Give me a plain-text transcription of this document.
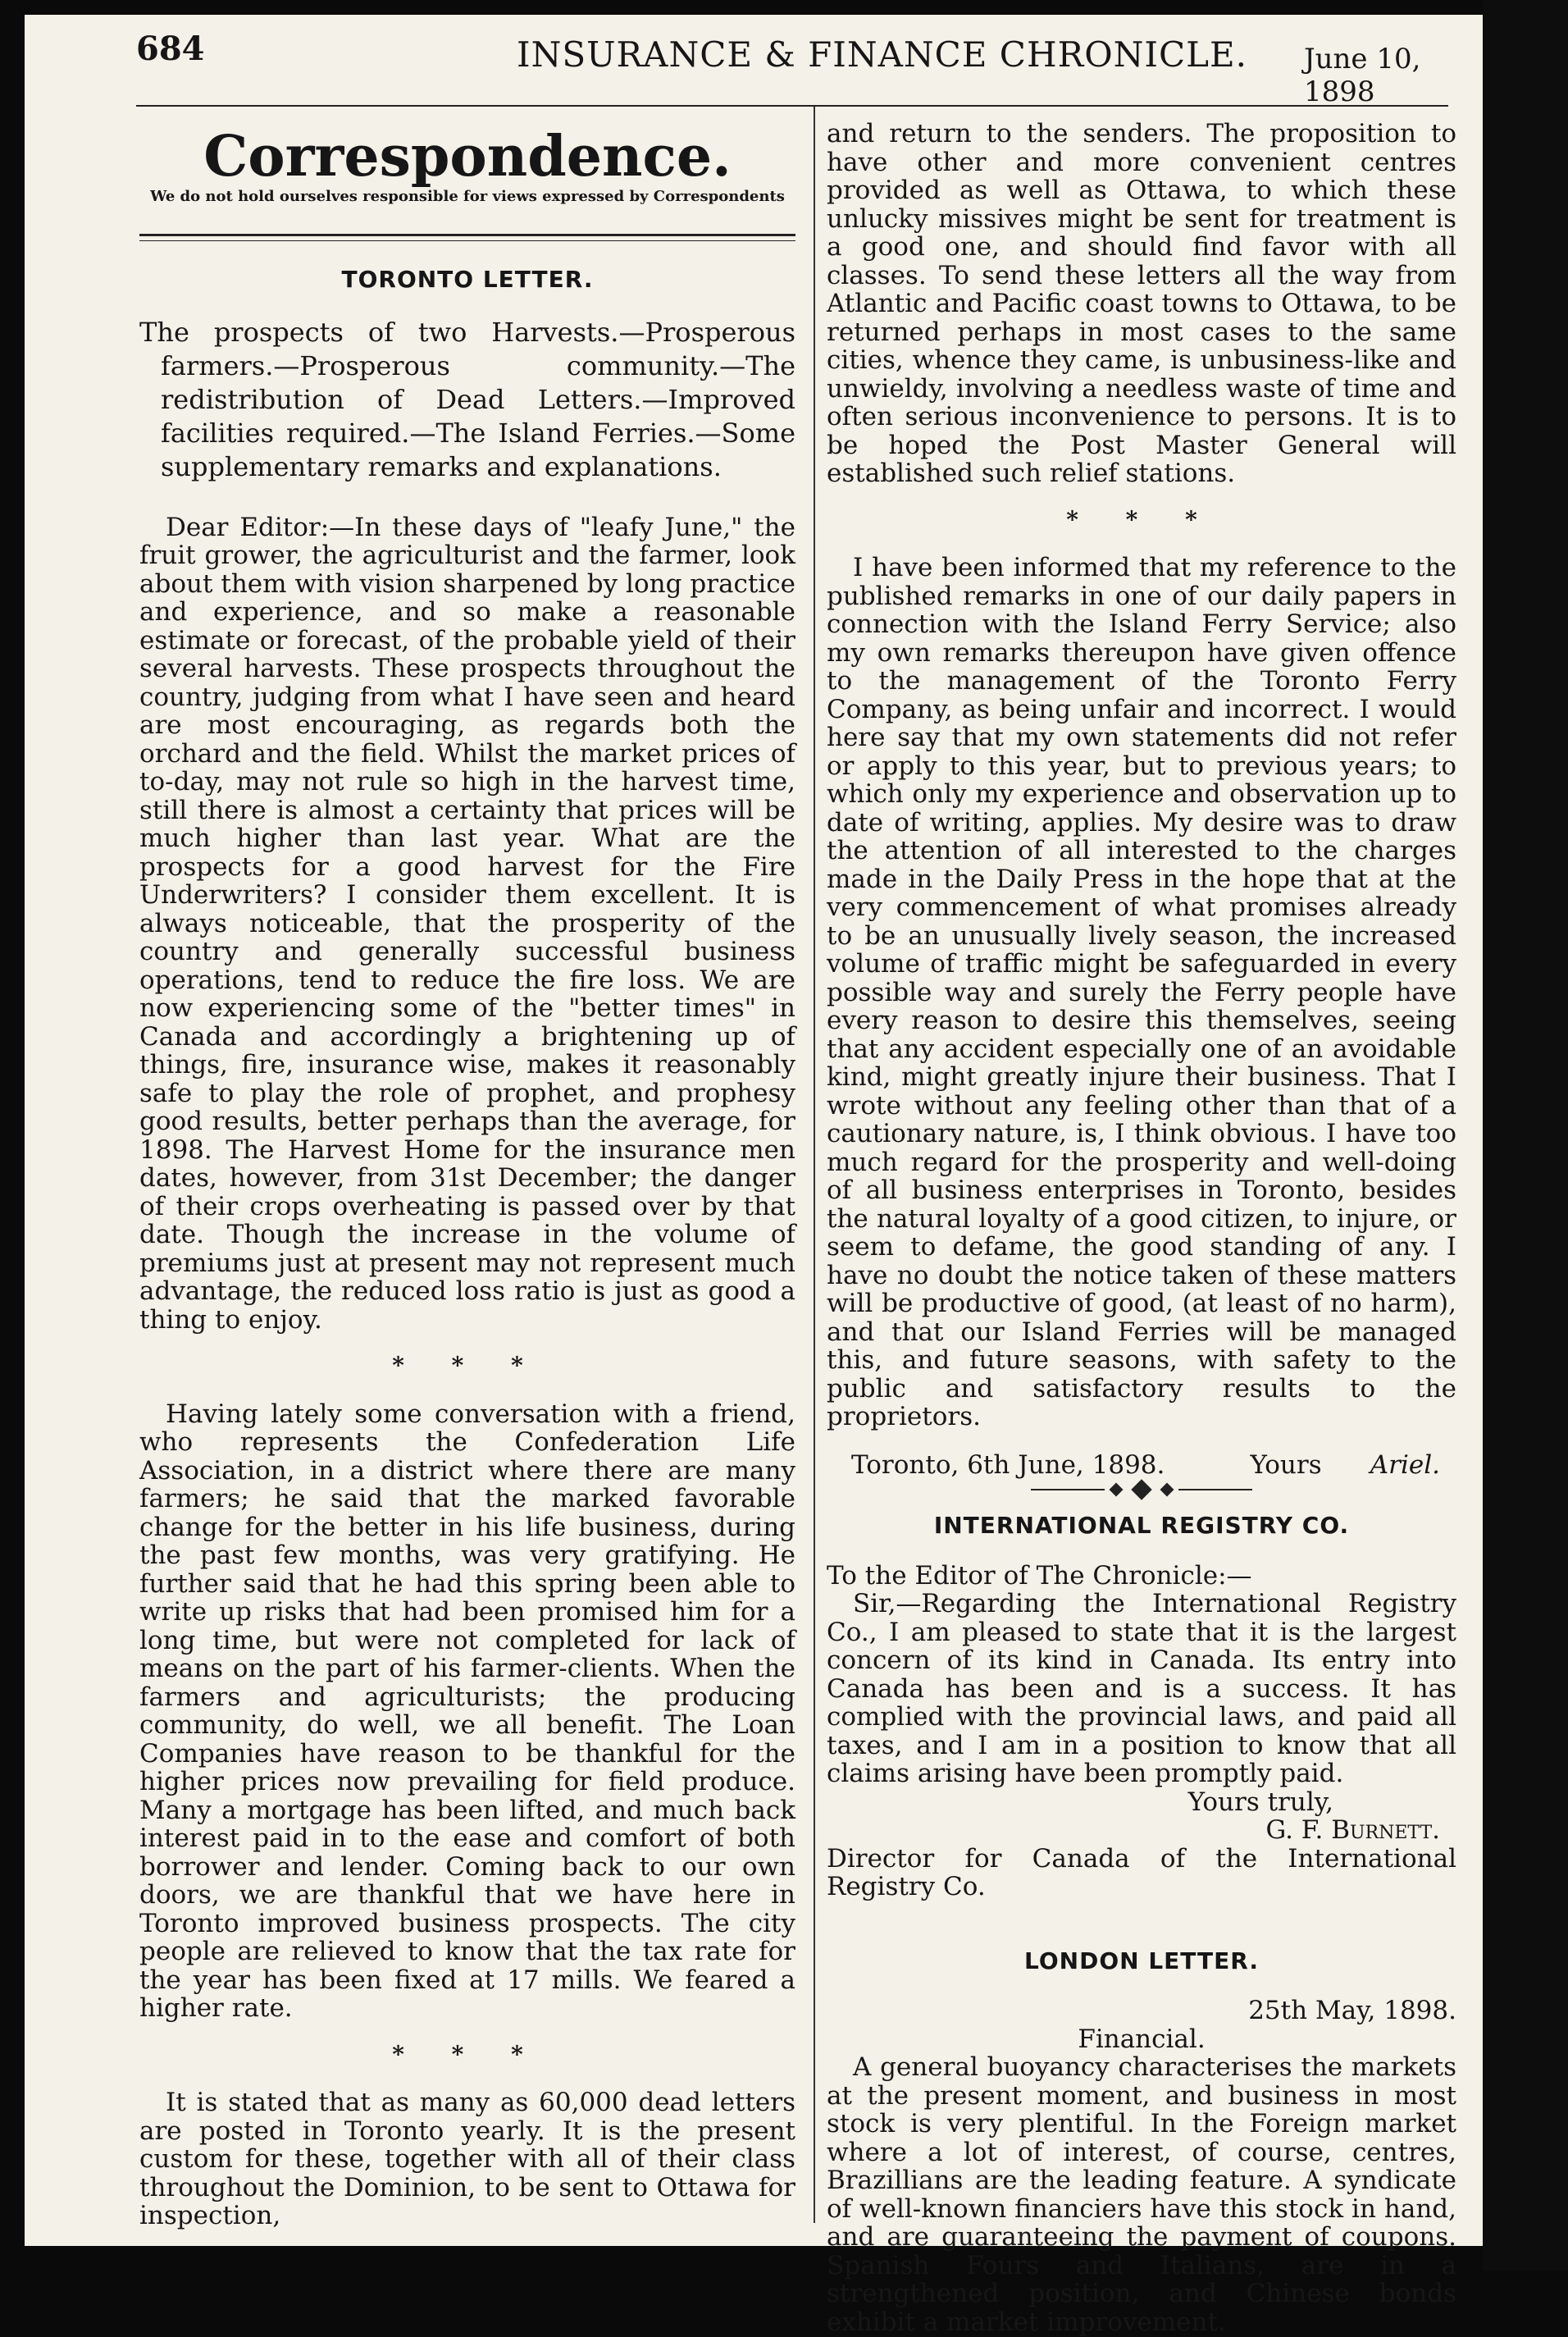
684	INSURANCE & FINANCE CHRONICLE. June 10, 1898
Correspondence.
We do not hold ourselves responsible for views expressed by Correspondents
TORONTO LETTER.
The prospects of two Harvests.—Prosperous farmers.—Prosperous community.—The redistribution of Dead Letters.—Improved facilities required.—The Island Ferries.—Some supplementary remarks and explanations.

Dear Editor:—In these days of "leafy June," the fruit grower, the agriculturist and the farmer, look about them with vision sharpened by long practice and experience, and so make a reasonable estimate or forecast, of the probable yield of their several harvests. These prospects throughout the country, judging from what I have seen and heard are most encouraging, as regards both the orchard and the field. Whilst the market prices of to-day, may not rule so high in the harvest time, still there is almost a certainty that prices will be much higher than last year. What are the prospects for a good harvest for the Fire Underwriters? I consider them excellent. It is always noticeable, that the prosperity of the country and generally successful business operations, tend to reduce the fire loss. We are now experiencing some of the "better times" in Canada and accordingly a brightening up of things, fire, insurance wise, makes it reasonably safe to play the role of prophet, and prophesy good results, better perhaps than the average, for 1898. The Harvest Home for the insurance men dates, however, from 31st December; the danger of their crops overheating is passed over by that date. Though the increase in the volume of premiums just at present may not represent much advantage, the reduced loss ratio is just as good a thing to enjoy.

* * *

Having lately some conversation with a friend, who represents the Confederation Life Association, in a district where there are many farmers; he said that the marked favorable change for the better in his life business, during the past few months, was very gratifying. He further said that he had this spring been able to write up risks that had been promised him for a long time, but were not completed for lack of means on the part of his farmer-clients. When the farmers and agriculturists; the producing community, do well, we all benefit. The Loan Companies have reason to be thankful for the higher prices now prevailing for field produce. Many a mortgage has been lifted, and much back interest paid in to the ease and comfort of both borrower and lender. Coming back to our own doors, we are thankful that we have here in Toronto improved business prospects. The city people are relieved to know that the tax rate for the year has been fixed at 17 mills. We feared a higher rate.

* * *

It is stated that as many as 60,000 dead letters are posted in Toronto yearly. It is the present custom for these, together with all of their class throughout the Dominion, to be sent to Ottawa for inspection,

and return to the senders. The proposition to have other and more convenient centres provided as well as Ottawa, to which these unlucky missives might be sent for treatment is a good one, and should find favor with all classes. To send these letters all the way from Atlantic and Pacific coast towns to Ottawa, to be returned perhaps in most cases to the same cities, whence they came, is unbusiness-like and unwieldy, involving a needless waste of time and often serious inconvenience to persons. It is to be hoped the Post Master General will established such relief stations.

* * *

I have been informed that my reference to the published remarks in one of our daily papers in connection with the Island Ferry Service; also my own remarks thereupon have given offence to the management of the Toronto Ferry Company, as being unfair and incorrect. I would here say that my own statements did not refer or apply to this year, but to previous years; to which only my experience and observation up to date of writing, applies. My desire was to draw the attention of all interested to the charges made in the Daily Press in the hope that at the very commencement of what promises already to be an unusually lively season, the increased volume of traffic might be safeguarded in every possible way and surely the Ferry people have every reason to desire this themselves, seeing that any accident especially one of an avoidable kind, might greatly injure their business. That I wrote without any feeling other than that of a cautionary nature, is, I think obvious. I have too much regard for the prosperity and well-doing of all business enterprises in Toronto, besides the natural loyalty of a good citizen, to injure, or seem to defame, the good standing of any. I have no doubt the notice taken of these matters will be productive of good, (at least of no harm), and that our Island Ferries will be managed this, and future seasons, with safety to the public and satisfactory results to the proprietors.

Toronto, 6th June, 1898.	Yours Ariel.
INTERNATIONAL REGISTRY CO.

To the Editor of The Chronicle:—

Sir,—Regarding the International Registry Co., I am pleased to state that it is the largest concern of its kind in Canada. Its entry into Canada has been and is a success. It has complied with the provincial laws, and paid all taxes, and I am in a position to know that all claims arising have been promptly paid.

Yours truly,

G. F. Burnett.

Director for Canada of the International Registry Co.

LONDON LETTER.

25th May, 1898.

Financial.

A general buoyancy characterises the markets at the present moment, and business in most stock is very plentiful. In the Foreign market where a lot of interest, of course, centres, Brazillians are the leading feature. A syndicate of well-known financiers have this stock in hand, and are guaranteeing the payment of coupons. Spanish Fours and Italians, are in a strengthened position, and Chinese bonds exhibit a market improvement.
